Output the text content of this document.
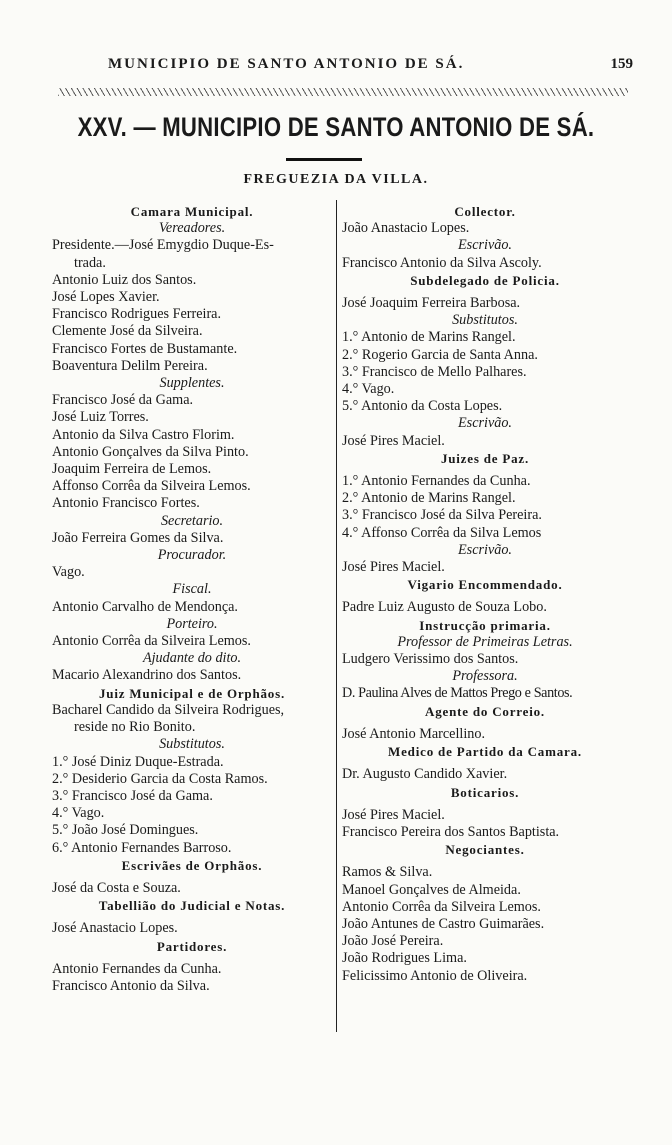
MUNICIPIO DE SANTO ANTONIO DE SÁ.	159
XXV. — MUNICIPIO DE SANTO ANTONIO DE SÁ.
FREGUEZIA DA VILLA.
Camara Municipal.
Vereadores.
Presidente.—José Emygdio Duque-Es-
trada.
Antonio Luiz dos Santos.
José Lopes Xavier.
Francisco Rodrigues Ferreira.
Clemente José da Silveira.
Francisco Fortes de Bustamante.
Boaventura Delilm Pereira.
Supplentes.
Francisco José da Gama.
José Luiz Torres.
Antonio da Silva Castro Florim.
Antonio Gonçalves da Silva Pinto.
Joaquim Ferreira de Lemos.
Affonso Corrêa da Silveira Lemos.
Antonio Francisco Fortes.
Secretario.
João Ferreira Gomes da Silva.
Procurador.
Vago.
Fiscal.
Antonio Carvalho de Mendonça.
Porteiro.
Antonio Corrêa da Silveira Lemos.
Ajudante do dito.
Macario Alexandrino dos Santos.
Juiz Municipal e de Orphãos.
Bacharel Candido da Silveira Rodrigues,
reside no Rio Bonito.
Substitutos.
1.° José Diniz Duque-Estrada.
2.° Desiderio Garcia da Costa Ramos.
3.° Francisco José da Gama.
4.° Vago.
5.° João José Domingues.
6.° Antonio Fernandes Barroso.
Escrivães de Orphãos.
José da Costa e Souza.
Tabellião do Judicial e Notas.
José Anastacio Lopes.
Partidores.
Antonio Fernandes da Cunha.
Francisco Antonio da Silva.
Collector.
João Anastacio Lopes.
Escrivão.
Francisco Antonio da Silva Ascoly.
Subdelegado de Policia.
José Joaquim Ferreira Barbosa.
Substitutos.
1.° Antonio de Marins Rangel.
2.° Rogerio Garcia de Santa Anna.
3.° Francisco de Mello Palhares.
4.° Vago.
5.° Antonio da Costa Lopes.
Escrivão.
José Pires Maciel.
Juizes de Paz.
1.° Antonio Fernandes da Cunha.
2.° Antonio de Marins Rangel.
3.° Francisco José da Silva Pereira.
4.° Affonso Corrêa da Silva Lemos
Escrivão.
José Pires Maciel.
Vigario Encommendado.
Padre Luiz Augusto de Souza Lobo.
Instrucção primaria.
Professor de Primeiras Letras.
Ludgero Verissimo dos Santos.
Professora.
D. Paulina Alves de Mattos Prego e Santos.
Agente do Correio.
José Antonio Marcellino.
Medico de Partido da Camara.
Dr. Augusto Candido Xavier.
Boticarios.
José Pires Maciel.
Francisco Pereira dos Santos Baptista.
Negociantes.
Ramos & Silva.
Manoel Gonçalves de Almeida.
Antonio Corrêa da Silveira Lemos.
João Antunes de Castro Guimarães.
João José Pereira.
João Rodrigues Lima.
Felicissimo Antonio de Oliveira.
